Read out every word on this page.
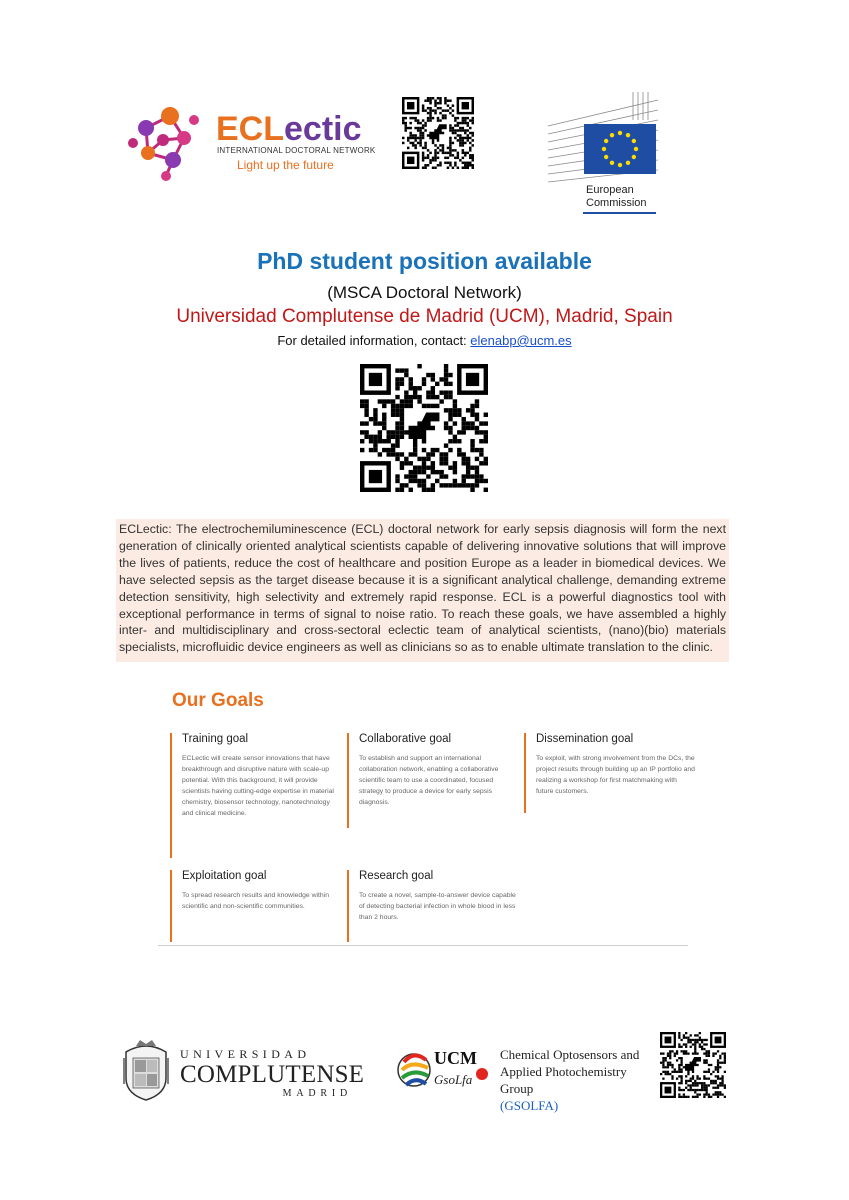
ECLectic
INTERNATIONAL DOCTORAL NETWORK
Light up the future
European
Commission
PhD student position available
(MSCA Doctoral Network)
Universidad Complutense de Madrid (UCM), Madrid, Spain
For detailed information, contact: elenabp@ucm.es
ECLectic: The electrochemiluminescence (ECL) doctoral network for early sepsis diagnosis will form the next generation of clinically oriented analytical scientists capable of delivering innovative solutions that will improve the lives of patients, reduce the cost of healthcare and position Europe as a leader in biomedical devices. We have selected sepsis as the target disease because it is a significant analytical challenge, demanding extreme detection sensitivity, high selectivity and extremely rapid response. ECL is a powerful diagnostics tool with exceptional performance in terms of signal to noise ratio. To reach these goals, we have assembled a highly inter- and multidisciplinary and cross-sectoral eclectic team of analytical scientists, (nano)(bio) materials specialists, microfluidic device engineers as well as clinicians so as to enable ultimate translation to the clinic.
Our Goals
Training goal
ECLectic will create sensor innovations that have breakthrough and disruptive nature with scale-up potential. With this background, it will provide scientists having cutting-edge expertise in material chemistry, biosensor technology, nanotechnology and clinical medicine.
Collaborative goal
To establish and support an international collaboration network, enabling a collaborative scientific team to use a coordinated, focused strategy to produce a device for early sepsis diagnosis.
Dissemination goal
To exploit, with strong involvement from the DCs, the project results through building up an IP portfolio and realizing a workshop for first matchmaking with future customers.
Exploitation goal
To spread research results and knowledge within scientific and non-scientific communities.
Research goal
To create a novel, sample-to-answer device capable of detecting bacterial infection in whole blood in less than 2 hours.
UNIVERSIDAD
COMPLUTENSE
MADRID
UCM
GsoLfa
Chemical Optosensors and
Applied Photochemistry Group
(GSOLFA)
